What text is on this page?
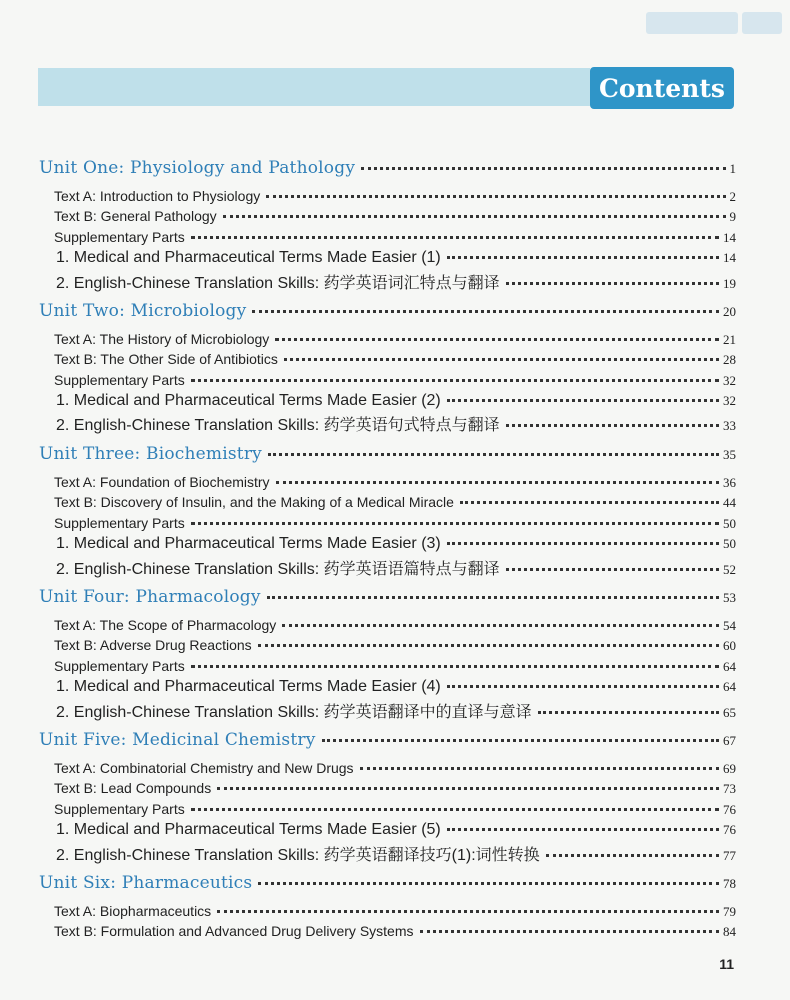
Contents
Unit One: Physiology and Pathology	1
Text A: Introduction to Physiology	2
Text B: General Pathology	9
Supplementary Parts	14
1. Medical and Pharmaceutical Terms Made Easier (1)	14
2. English-Chinese Translation Skills: 药学英语词汇特点与翻译	19
Unit Two: Microbiology	20
Text A: The History of Microbiology	21
Text B: The Other Side of Antibiotics	28
Supplementary Parts	32
1. Medical and Pharmaceutical Terms Made Easier (2)	32
2. English-Chinese Translation Skills: 药学英语句式特点与翻译	33
Unit Three: Biochemistry	35
Text A: Foundation of Biochemistry	36
Text B: Discovery of Insulin, and the Making of a Medical Miracle	44
Supplementary Parts	50
1. Medical and Pharmaceutical Terms Made Easier (3)	50
2. English-Chinese Translation Skills: 药学英语语篇特点与翻译	52
Unit Four: Pharmacology	53
Text A: The Scope of Pharmacology	54
Text B: Adverse Drug Reactions	60
Supplementary Parts	64
1. Medical and Pharmaceutical Terms Made Easier (4)	64
2. English-Chinese Translation Skills: 药学英语翻译中的直译与意译	65
Unit Five: Medicinal Chemistry	67
Text A: Combinatorial Chemistry and New Drugs	69
Text B: Lead Compounds	73
Supplementary Parts	76
1. Medical and Pharmaceutical Terms Made Easier (5)	76
2. English-Chinese Translation Skills: 药学英语翻译技巧(1):词性转换	77
Unit Six: Pharmaceutics	78
Text A: Biopharmaceutics	79
Text B: Formulation and Advanced Drug Delivery Systems	84
11
